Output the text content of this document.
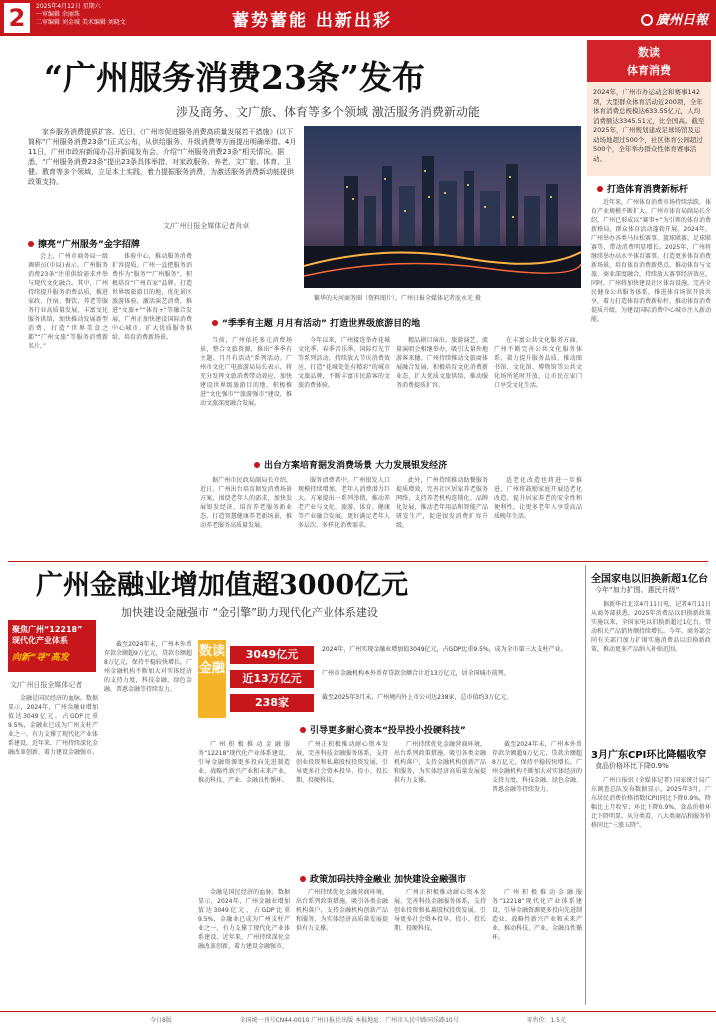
2	2025年4月12日 星期六
一审编辑 余丽珠
二审编辑 刘金城 美术编辑 刘晓文	蓄势蓄能 出新出彩	廣州日報
“广州服务消费23条”发布
涉及商务、文广旅、体育等多个领域 激活服务消费新动能
数读
体育消费
2024年，广州市办运动会和赛事142项，大型群众体育活动近200项，全年体育消费总规模达633.55亿元，人均消费额达3345.51元，比全国高。截至2025年，广州规划建成足球场馆及运动场地超过500个，社区体育公园超过500个，全年举办群众性体育赛事活动。
家乡服务消费提质扩容。近日，《广州市促进服务消费高质量发展若干措施》(以下简称“广州服务消费23条”)正式公布，从供给服务、升级消费等方面提出明确举措。4月11日，广州市政府新闻办召开新闻发布会，介绍“广州服务消费23条”相关情况。据悉，“广州服务消费23条”提出23条具体举措，对家政服务、养老、文广旅、体育、卫健、教育等多个领域，立足本土实践，着力提振服务消费，为激活服务消费新动能提供政策支持。
文/广州日报全媒体记者肖卓
繁华的天河商务圈（资料图片）。广州日报全媒体记者庞永光 摄
擦亮“广州服务”金字招牌

会上，广州市商务局一级调研员(市局)表示，广州服务消费23条“注重供给需求并举与现代文化融合。其中，广州持续提升服务消费品质，推进家政、住宿、餐饮、养老等服务行业高质量发展，丰富文化服务供给，加快推动发展新型消费，打造“世界美食之都”“广州文旅”等服务消费新名片。”

体验中心，推动服务消费扩容提质。广州一直把服务消费作为“服务”“广州服务”，积极培育“广州首家”品牌。打造世界级旅游目的地，优化景区旅游体验，激活演艺消费，推进“文旅+”“体育+”等融合发展，广州正加快建设国际消费中心城市，扩大优质服务供给，培育消费新场景。

“季季有主题 月月有活动” 打造世界级旅游目的地

当前，广州依托多元消费场景，整合文旅资源，推出“季季有主题、月月有活动”系列活动。广州市文化广电旅游局局长表示，将充分发挥文旅消费带动效应，加快建设世界级旅游目的地，积极推进“文化强市”“旅游强市”建设，推动文旅深度融合发展。

今年以来，广州接连举办花城文化季、春季音乐季、国际灯光节等系列活动，持续放大节庆消费效应，打造“花城处处有精彩”的城市文旅品牌，不断丰富市民游客的文旅消费体验。

精品剧目演出、旅游演艺、流量演唱会相继举办，吸引大量外地游客来穗。广州持续推动文旅商体展融合发展，积极培育文化消费新业态，扩大优质文旅供给，推动服务消费提质扩容。

在丰富公共文化服务方面，广州不断完善公共文化服务体系，着力提升服务品质，推动图书馆、文化馆、博物馆等公共文化场所延时开放，让市民在家门口享受文化生活。

出台方案培育据发消费场景 大力发展银发经济

据广州市民政局副局长介绍，近日，广州出台培育据发消费场景方案，围绕老年人的需求，加快发展银发经济，培育养老服务新业态，打造智慧健康养老新场景，推动养老服务高质量发展。

服务清费者中，广州银发人口规模持续增加，老年人消费潜力巨大。方案提出一系列举措，推动养老产业与文化、旅游、体育、健康等产业融合发展，更好满足老年人多层次、多样化消费需求。

此外，广州持续推动助餐服务提质增效，完善社区居家养老服务网络，支持养老机构连锁化、品牌化发展，推动老年用品和智能产品研发生产，促进银发消费扩容升级。

适老化改造也将进一步推进，广州将鼓励家庭开展适老化改造，提升居家养老的安全性和便利性，让更多老年人享受高品质晚年生活。

打造体育消费新标杆

近年来，广州体育消费市场持续活跃，体育产业规模不断扩大。广州市体育局副局长介绍，广州已形成以“赛事+”为引领的体育消费新格局，群众体育活动蓬勃开展。2024年，广州举办各类马拉松赛事、篮球联赛、足球联赛等，带动消费明显增长。2025年，广州将继续举办高水平体育赛事，打造更多体育消费新场景，培育体育消费新热点，推动体育与文旅、商业深度融合，持续放大赛事经济效应。同时，广州将加快建设社区体育设施，完善全民健身公共服务体系，推进体育场馆开放共享，着力打造体育消费新标杆，推动体育消费提质升级，为建设国际消费中心城市注入新动能。

广州金融业增加值超3000亿元
加快建设金融强市 “金引擎”助力现代化产业体系建设
聚焦广州“12218”
现代化产业体系
向新“寻”高发
文/广州日报全媒体记者

金融是国民经济的血脉。数据显示，2024年，广州金融业增加值达3049亿元，占GDP比重9.5%，金融业已成为广州支柱产业之一，有力支撑了现代化产业体系建设。近年来，广州持续深化金融改革创新，着力建设金融强市。

截至2024年末，广州本外币存款余额超9万亿元，贷款余额超8万亿元，保持平稳较快增长。广州金融机构不断加大对实体经济的支持力度，科技金融、绿色金融、普惠金融等持续发力。

数读金融
3049亿元	2024年，广州实现金融业增加值3049亿元，占GDP比重9.5%，成为全市第三大支柱产业。
近13万亿元	广州市金融机构本外币存贷款余额合计近13万亿元，居全国城市前列。
238家	截至2025年3月末，广州境内外上市公司达238家，总市值约3万亿元。
引导更多耐心资本“投早投小投硬科技”

广州积极推动金融服务“12218”现代化产业体系建设，引导金融资源更多投向先进制造业、战略性新兴产业和未来产业，推动科技、产业、金融良性循环。

广州正积极推动耐心资本发展，完善科技金融服务体系，支持创业投资和私募股权投资发展，引导更多社会资本投早、投小、投长期、投硬科技。

广州持续优化金融营商环境，出台系列政策措施，吸引各类金融机构落户，支持金融机构创新产品和服务，为实体经济高质量发展提供有力支撑。

截至2024年末，广州本外币存款余额超9万亿元，贷款余额超8万亿元，保持平稳较快增长。广州金融机构不断加大对实体经济的支持力度，科技金融、绿色金融、普惠金融等持续发力。

政策加码扶持金融业 加快建设金融强市

金融是国民经济的血脉。数据显示，2024年，广州金融业增加值达3049亿元，占GDP比重9.5%，金融业已成为广州支柱产业之一，有力支撑了现代化产业体系建设。近年来，广州持续深化金融改革创新，着力建设金融强市。

广州持续优化金融营商环境，出台系列政策措施，吸引各类金融机构落户，支持金融机构创新产品和服务，为实体经济高质量发展提供有力支撑。

广州正积极推动耐心资本发展，完善科技金融服务体系，支持创业投资和私募股权投资发展，引导更多社会资本投早、投小、投长期、投硬科技。

广州积极推动金融服务“12218”现代化产业体系建设，引导金融资源更多投向先进制造业、战略性新兴产业和未来产业，推动科技、产业、金融良性循环。

全国家电以旧换新超1亿台
今年“加力扩围、惠民升级”

据新华社北京4月11日电，记者4月11日从商务部获悉，2025年消费品以旧换新政策实施以来，全国家电以旧换新超过1亿台，带动相关产品销售额持续增长。今年，商务部会同有关部门加力扩围实施消费品以旧换新政策，推动更多产品纳入补贴范围。

3月广东CPI环比降幅收窄
食品价格环比下降0.9%

广州日报讯 (全媒体记者) 国家统计局广东调查总队发布数据显示，2025年3月，广东居民消费价格指数(CPI)同比下降0.9%，降幅比上月收窄；环比下降0.9%，食品价格环比下降明显。从分类看，八大类商品和服务价格同比“三涨五降”。

今日8版	全国统一刊号CN44-0010 广州日报社出版 本报地址：广州市人民中路同乐路10号	零售价：1.5元
